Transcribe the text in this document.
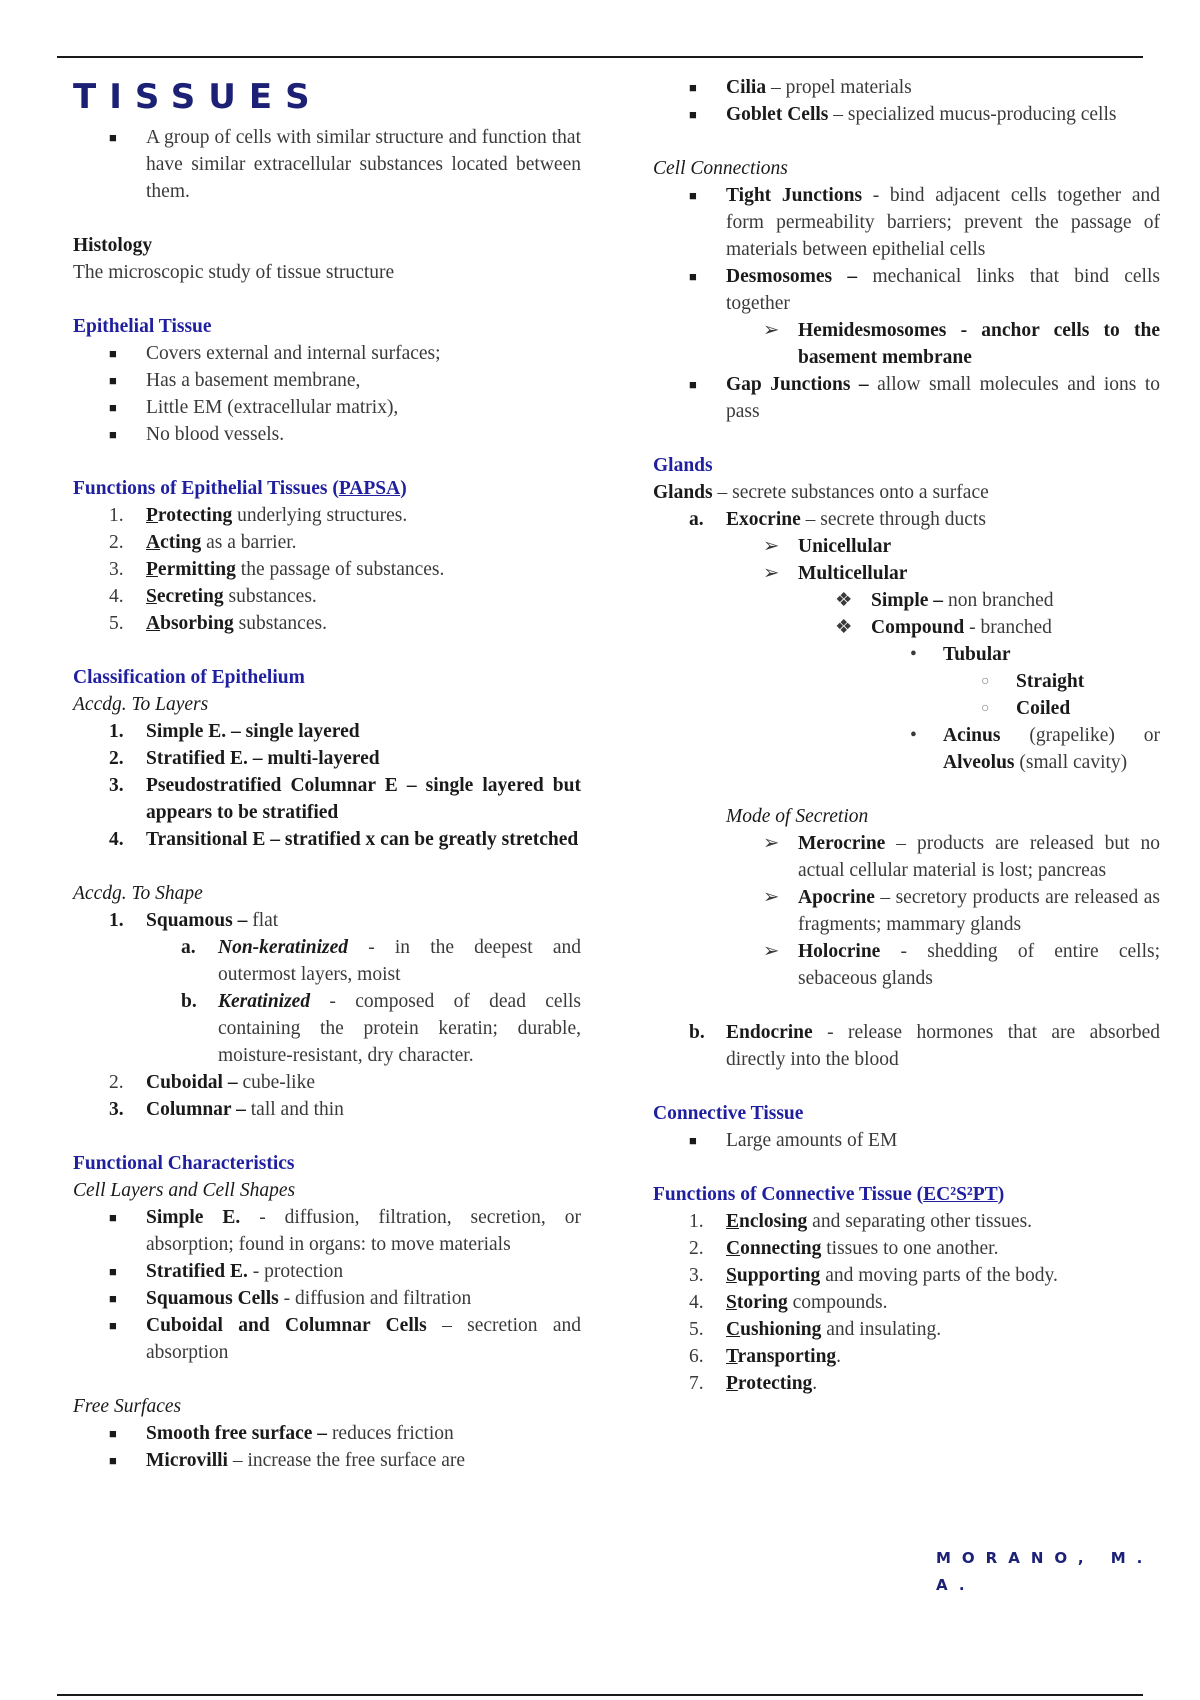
TISSUES
■ A group of cells with similar structure and function that have similar extracellular substances located between them.
Histology
The microscopic study of tissue structure
Epithelial Tissue
■ Covers external and internal surfaces;
■ Has a basement membrane,
■ Little EM (extracellular matrix),
■ No blood vessels.
Functions of Epithelial Tissues (PAPSA)
1. Protecting underlying structures.
2. Acting as a barrier.
3. Permitting the passage of substances.
4. Secreting substances.
5. Absorbing substances.
Classification of Epithelium
Accdg. To Layers
1. Simple E. – single layered
2. Stratified E. – multi-layered
3. Pseudostratified Columnar E – single layered but appears to be stratified
4. Transitional E – stratified x can be greatly stretched
Accdg. To Shape
1. Squamous – flat
a. Non-keratinized - in the deepest and outermost layers, moist
b. Keratinized - composed of dead cells containing the protein keratin; durable, moisture-resistant, dry character.
2. Cuboidal – cube-like
3. Columnar – tall and thin
Functional Characteristics
Cell Layers and Cell Shapes
■ Simple E. - diffusion, filtration, secretion, or absorption; found in organs: to move materials
■ Stratified E. - protection
■ Squamous Cells - diffusion and filtration
■ Cuboidal and Columnar Cells – secretion and absorption
Free Surfaces
■ Smooth free surface – reduces friction
■ Microvilli – increase the free surface are
■ Cilia – propel materials
■ Goblet Cells – specialized mucus-producing cells
Cell Connections
■ Tight Junctions - bind adjacent cells together and form permeability barriers; prevent the passage of materials between epithelial cells
■ Desmosomes – mechanical links that bind cells together
➢ Hemidesmosomes - anchor cells to the basement membrane
■ Gap Junctions – allow small molecules and ions to pass
Glands
Glands – secrete substances onto a surface
a. Exocrine – secrete through ducts
➢ Unicellular
➢ Multicellular
❖ Simple – non branched
❖ Compound - branched
• Tubular
○ Straight
○ Coiled
• Acinus (grapelike) or Alveolus (small cavity)
Mode of Secretion
➢ Merocrine – products are released but no actual cellular material is lost; pancreas
➢ Apocrine – secretory products are released as fragments; mammary glands
➢ Holocrine - shedding of entire cells; sebaceous glands
b. Endocrine - release hormones that are absorbed directly into the blood
Connective Tissue
■ Large amounts of EM
Functions of Connective Tissue (EC²S²PT)
1. Enclosing and separating other tissues.
2. Connecting tissues to one another.
3. Supporting and moving parts of the body.
4. Storing compounds.
5. Cushioning and insulating.
6. Transporting.
7. Protecting.
MORANO, M. A.
